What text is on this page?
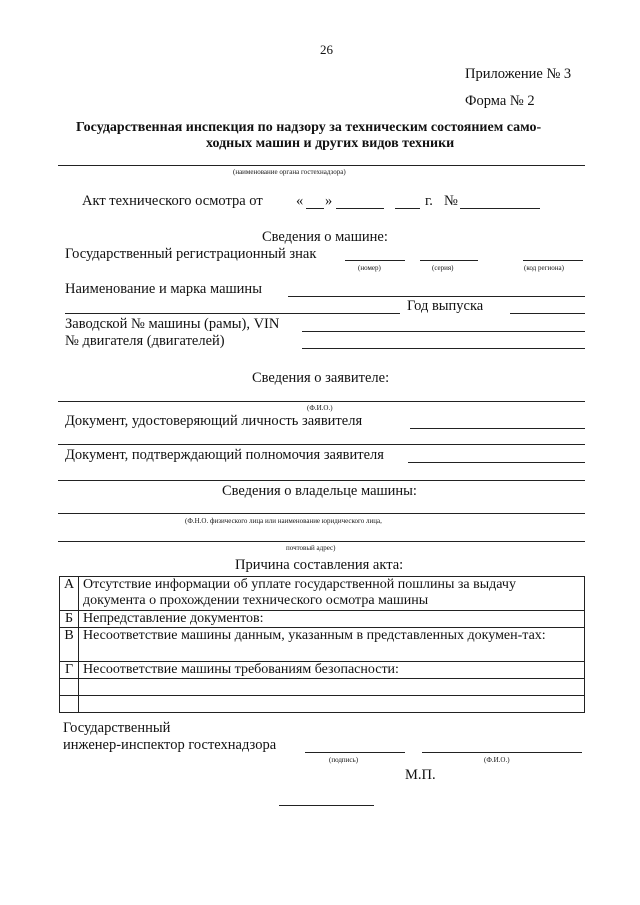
26
Приложение № 3
Форма № 2
Государственная инспекция по надзору за техническим состоянием само-
ходных машин и других видов техники
(наименование органа гостехнадзора)
Акт технического осмотра от « »	г. №
Сведения о машине:
Государственный регистрационный знак
(номер)	(серия)	(код региона)
Наименование и марка машины
Год выпуска
Заводской № машины (рамы), VIN
№ двигателя (двигателей)
Сведения о заявителе:
(Ф.И.О.)
Документ, удостоверяющий личность заявителя
Документ, подтверждающий полномочия заявителя
Сведения о владельце машины:
(Ф.Н.О. физического лица или наименование юридического лица,
почтовый адрес)
Причина составления акта:
А	Отсутствие информации об уплате государственной пошлины за выдачу документа о прохождении технического осмотра машины
Б	Непредставление документов:
В	Несоответствие машины данным, указанным в представленных докумен-тах:
Г	Несоответствие машины требованиям безопасности:

Государственный
инженер-инспектор гостехнадзора
(подпись)	(Ф.И.О.)
М.П.
